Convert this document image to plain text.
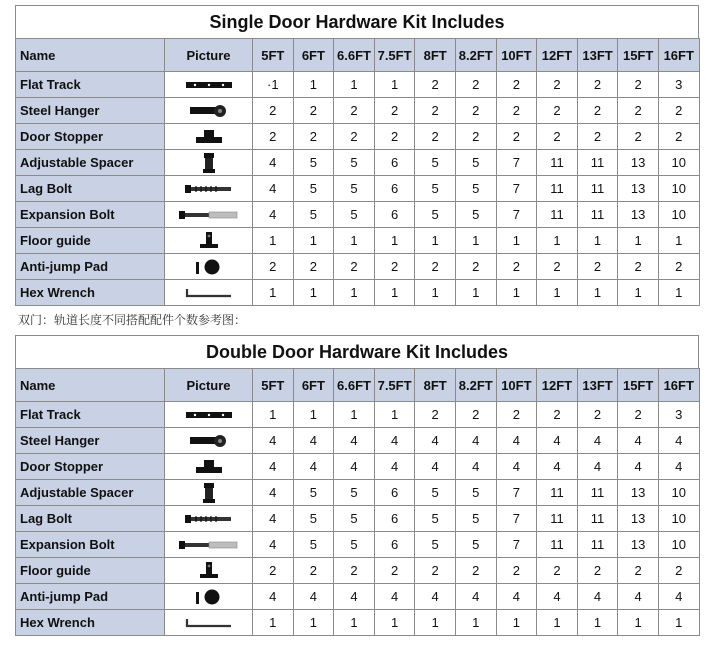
Single Door Hardware Kit Includes
Name	Picture	5FT	6FT	6.6FT	7.5FT	8FT	8.2FT	10FT	12FT	13FT	15FT	16FT
Flat Track		·1	1	1	1	2	2	2	2	2	2	3
Steel Hanger		2	2	2	2	2	2	2	2	2	2	2
Door Stopper		2	2	2	2	2	2	2	2	2	2	2
Adjustable Spacer		4	5	5	6	5	5	7	11	11	13	10
Lag Bolt		4	5	5	6	5	5	7	11	11	13	10
Expansion Bolt		4	5	5	6	5	5	7	11	11	13	10
Floor guide		1	1	1	1	1	1	1	1	1	1	1
Anti-jump Pad		2	2	2	2	2	2	2	2	2	2	2
Hex Wrench		1	1	1	1	1	1	1	1	1	1	1
双门：轨道长度不同搭配配件个数参考图：
Double Door Hardware Kit Includes
Name	Picture	5FT	6FT	6.6FT	7.5FT	8FT	8.2FT	10FT	12FT	13FT	15FT	16FT
Flat Track		1	1	1	1	2	2	2	2	2	2	3
Steel Hanger		4	4	4	4	4	4	4	4	4	4	4
Door Stopper		4	4	4	4	4	4	4	4	4	4	4
Adjustable Spacer		4	5	5	6	5	5	7	11	11	13	10
Lag Bolt		4	5	5	6	5	5	7	11	11	13	10
Expansion Bolt		4	5	5	6	5	5	7	11	11	13	10
Floor guide		2	2	2	2	2	2	2	2	2	2	2
Anti-jump Pad		4	4	4	4	4	4	4	4	4	4	4
Hex Wrench		1	1	1	1	1	1	1	1	1	1	1
